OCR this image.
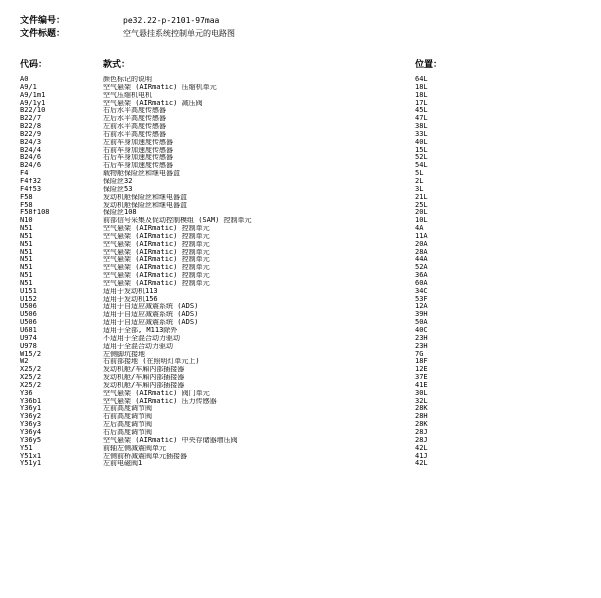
文件编号：	pe32.22-p-2101-97maa
文件标题：	空气悬挂系统控制单元的电路图
代码：	款式：	位置：
A0	颜色标记的说明	64L
A9/1	空气悬架 (AIRmatic) 压缩机单元	18L
A9/1m1	空气压缩机电机	18L
A9/1y1	空气悬架 (AIRmatic) 减压阀	17L
B22/10	右后水平高度传感器	45L
B22/7	左后水平高度传感器	47L
B22/8	左前水平高度传感器	38L
B22/9	右前水平高度传感器	33L
B24/3	左前车身加速度传感器	40L
B24/4	右前车身加速度传感器	15L
B24/6	右后车身加速度传感器	52L
B24/6	右后车身加速度传感器	54L
F4	载物舱保险丝和继电器盒	5L
F4f32	保险丝32	2L
F4f53	保险丝53	3L
F58	发动机舱保险丝和继电器盒	21L
F58	发动机舱保险丝和继电器盒	25L
F58f108	保险丝108	20L
N10	前部信号采集及促动控制模组 (SAM) 控制单元	10L
N51	空气悬架 (AIRmatic) 控制单元	4A
N51	空气悬架 (AIRmatic) 控制单元	11A
N51	空气悬架 (AIRmatic) 控制单元	20A
N51	空气悬架 (AIRmatic) 控制单元	28A
N51	空气悬架 (AIRmatic) 控制单元	44A
N51	空气悬架 (AIRmatic) 控制单元	52A
N51	空气悬架 (AIRmatic) 控制单元	36A
N51	空气悬架 (AIRmatic) 控制单元	60A
U151	适用于发动机113	34C
U152	适用于发动机156	53F
U506	适用于自适应减震系统 (ADS)	12A
U506	适用于自适应减震系统 (ADS)	39H
U506	适用于自适应减震系统 (ADS)	50A
U681	适用于全部, M113除外	40C
U974	不适用于全混合动力驱动	23H
U978	适用于全混合动力驱动	23H
W15/2	左侧脚坑接地	7G
W2	右前部接地 (在照明灯单元上)	18F
X25/2	发动机舱/车厢内部插接器	12E
X25/2	发动机舱/车厢内部插接器	37E
X25/2	发动机舱/车厢内部插接器	41E
Y36	空气悬架 (AIRmatic) 阀门单元	30L
Y36b1	空气悬架 (AIRmatic) 压力传感器	32L
Y36y1	左前高度调节阀	28K
Y36y2	右前高度调节阀	28H
Y36y3	左后高度调节阀	28K
Y36y4	右后高度调节阀	28J
Y36y5	空气悬架 (AIRmatic) 中央存储器增压阀	28J
Y51	前轴左侧减震阀单元	42L
Y51x1	左侧前桥减震阀单元插接器	41J
Y51y1	左前电磁阀1	42L
